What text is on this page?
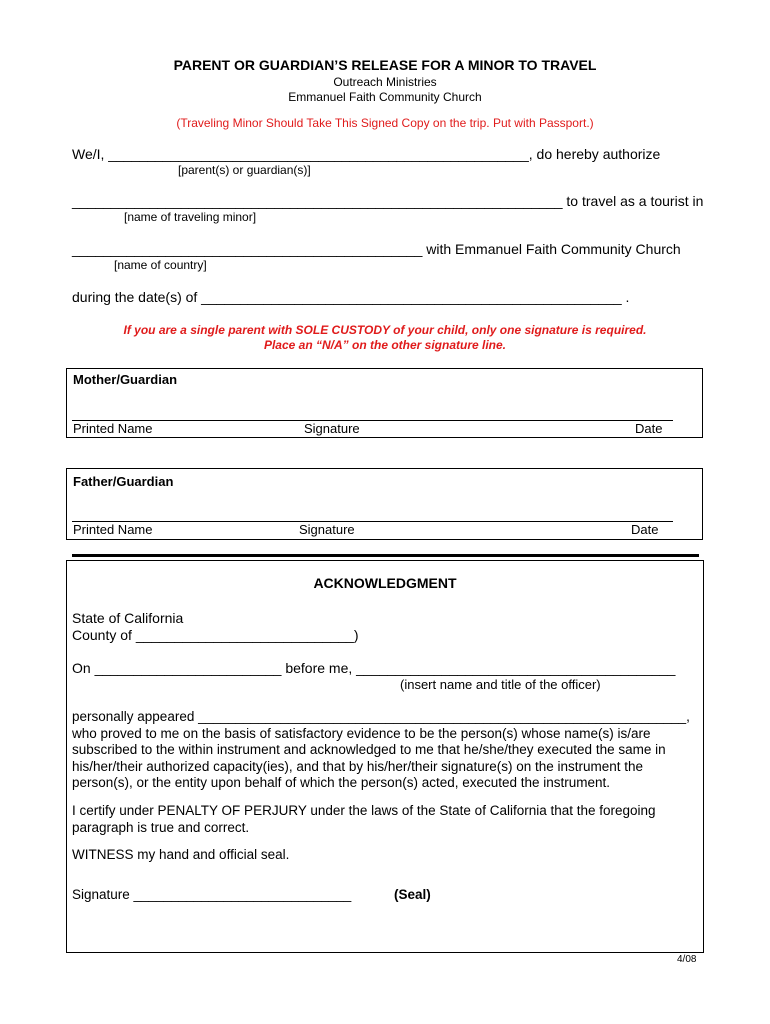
PARENT OR GUARDIAN’S RELEASE FOR A MINOR TO TRAVEL
Outreach Ministries
Emmanuel Faith Community Church
(Traveling Minor Should Take This Signed Copy on the trip. Put with Passport.)
We/I, ______________________________________________________, do hereby authorize
[parent(s) or guardian(s)]
_______________________________________________________________ to travel as a tourist in
[name of traveling minor]
_____________________________________________ with Emmanuel Faith Community Church
[name of country]
during the date(s) of ______________________________________________________ .
If you are a single parent with SOLE CUSTODY of your child, only one signature is required.
Place an “N/A” on the other signature line.
Mother/Guardian
Printed Name	Signature	Date
Father/Guardian
Printed Name	Signature	Date
ACKNOWLEDGMENT
State of California
County of ____________________________)
On ________________________ before me, _________________________________________
(insert name and title of the officer)
personally appeared _________________________________________________________________,
who proved to me on the basis of satisfactory evidence to be the person(s) whose name(s) is/are
subscribed to the within instrument and acknowledged to me that he/she/they executed the same in
his/her/their authorized capacity(ies), and that by his/her/their signature(s) on the instrument the
person(s), or the entity upon behalf of which the person(s) acted, executed the instrument.
I certify under PENALTY OF PERJURY under the laws of the State of California that the foregoing
paragraph is true and correct.
WITNESS my hand and official seal.
Signature _____________________________	(Seal)
4/08
